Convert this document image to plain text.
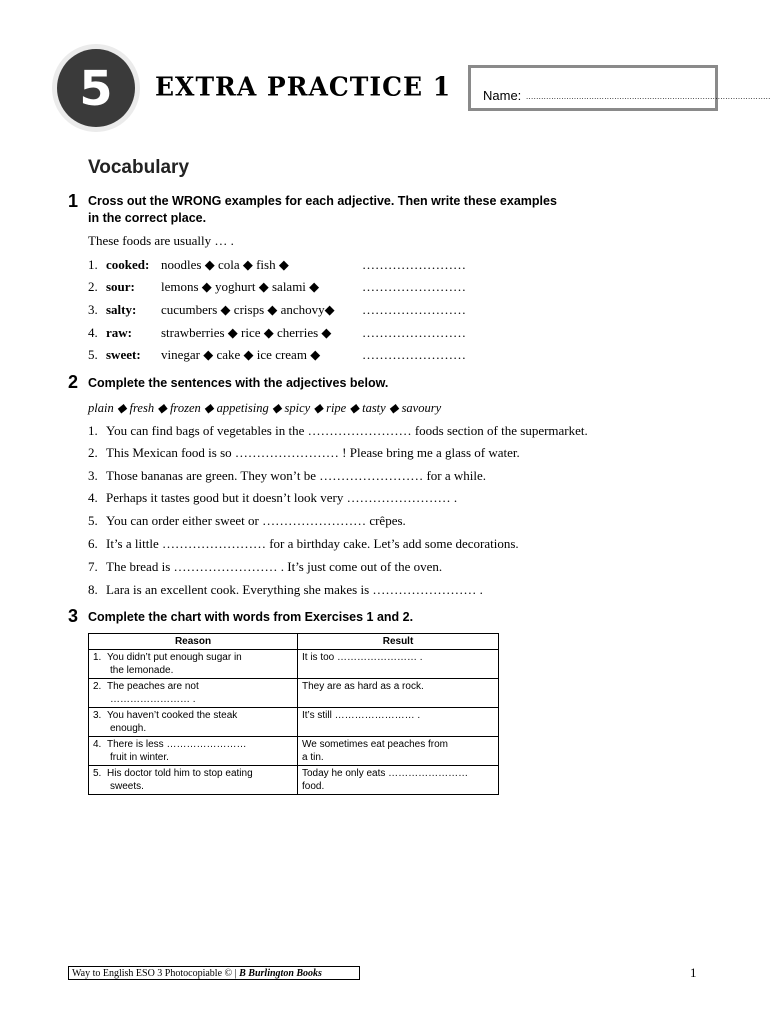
5	EXTRA PRACTICE 1 Name: .................................................................................................
Vocabulary
1 Cross out the WRONG examples for each adjective. Then write these examples
in the correct place.
These foods are usually … .
1. cooked: noodles ◆ cola ◆ fish ◆	……………………
2. sour: lemons ◆ yoghurt ◆ salami ◆	……………………
3. salty: cucumbers ◆ crisps ◆ anchovy◆ ……………………
4. raw: strawberries ◆ rice ◆ cherries ◆ ……………………
5. sweet: vinegar ◆ cake ◆ ice cream ◆	……………………
2 Complete the sentences with the adjectives below.
plain ◆ fresh ◆ frozen ◆ appetising ◆ spicy ◆ ripe ◆ tasty ◆ savoury
1. You can find bags of vegetables in the …………………… foods section of the supermarket.
2. This Mexican food is so …………………… ! Please bring me a glass of water.
3. Those bananas are green. They won’t be …………………… for a while.
4. Perhaps it tastes good but it doesn’t look very …………………… .
5. You can order either sweet or …………………… crêpes.
6. It’s a little …………………… for a birthday cake. Let’s add some decorations.
7. The bread is …………………… . It’s just come out of the oven.
8. Lara is an excellent cook. Everything she makes is …………………… .
3 Complete the chart with words from Exercises 1 and 2.
Reason	Result
1. You didn’t put enough sugar in
the lemonade.	It is too …………………… .
2. The peaches are not
…………………… .	They are as hard as a rock.
3. You haven’t cooked the steak
enough.	It’s still …………………… .
4. There is less ……………………
fruit in winter.	We sometimes eat peaches from
a tin.
5. His doctor told him to stop eating
sweets.	Today he only eats ……………………
food.
Way to English ESO 3 Photocopiable © | B Burlington Books	1
